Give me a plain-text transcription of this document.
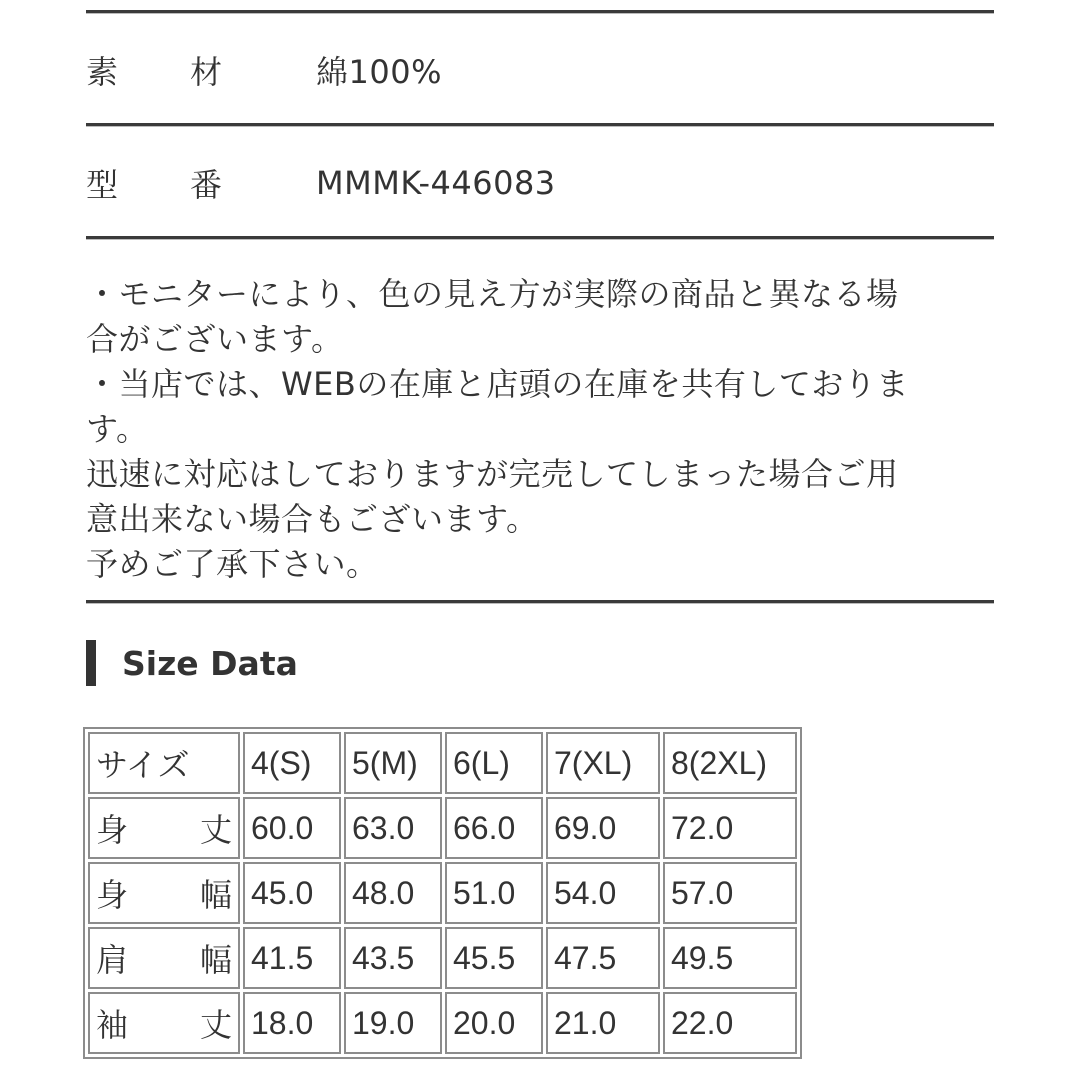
素	材	綿100%
型	番	MMMK-446083
・モニターにより、色の見え方が実際の商品と異なる場
合がございます。
・当店では、WEBの在庫と店頭の在庫を共有しておりま
す。
迅速に対応はしておりますが完売してしまった場合ご用
意出来ない場合もございます。
予めご了承下さい。
Size Data
サイズ	4(S)	5(M)	6(L)	7(XL)	8(2XL)

身 丈	60.0	63.0	66.0	69.0	72.0

身 幅	45.0	48.0	51.0	54.0	57.0

肩 幅	41.5	43.5	45.5	47.5	49.5

袖 丈	18.0	19.0	20.0	21.0	22.0
